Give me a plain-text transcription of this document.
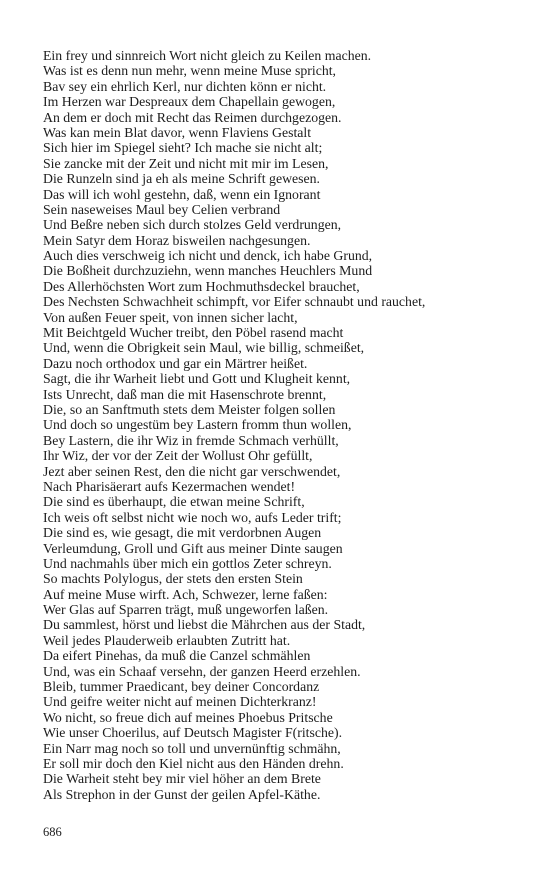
Ein frey und sinnreich Wort nicht gleich zu Keilen machen.
Was ist es denn nun mehr, wenn meine Muse spricht,
Bav sey ein ehrlich Kerl, nur dichten könn er nicht.
Im Herzen war Despreaux dem Chapellain gewogen,
An dem er doch mit Recht das Reimen durchgezogen.
Was kan mein Blat davor, wenn Flaviens Gestalt
Sich hier im Spiegel sieht? Ich mache sie nicht alt;
Sie zancke mit der Zeit und nicht mit mir im Lesen,
Die Runzeln sind ja eh als meine Schrift gewesen.
Das will ich wohl gestehn, daß, wenn ein Ignorant
Sein naseweises Maul bey Celien verbrand
Und Beßre neben sich durch stolzes Geld verdrungen,
Mein Satyr dem Horaz bisweilen nachgesungen.
Auch dies verschweig ich nicht und denck, ich habe Grund,
Die Boßheit durchzuziehn, wenn manches Heuchlers Mund
Des Allerhöchsten Wort zum Hochmuthsdeckel brauchet,
Des Nechsten Schwachheit schimpft, vor Eifer schnaubt und rauchet,
Von außen Feuer speit, von innen sicher lacht,
Mit Beichtgeld Wucher treibt, den Pöbel rasend macht
Und, wenn die Obrigkeit sein Maul, wie billig, schmeißet,
Dazu noch orthodox und gar ein Märtrer heißet.
Sagt, die ihr Warheit liebt und Gott und Klugheit kennt,
Ists Unrecht, daß man die mit Hasenschrote brennt,
Die, so an Sanftmuth stets dem Meister folgen sollen
Und doch so ungestüm bey Lastern fromm thun wollen,
Bey Lastern, die ihr Wiz in fremde Schmach verhüllt,
Ihr Wiz, der vor der Zeit der Wollust Ohr gefüllt,
Jezt aber seinen Rest, den die nicht gar verschwendet,
Nach Pharisäerart aufs Kezermachen wendet!
Die sind es überhaupt, die etwan meine Schrift,
Ich weis oft selbst nicht wie noch wo, aufs Leder trift;
Die sind es, wie gesagt, die mit verdorbnen Augen
Verleumdung, Groll und Gift aus meiner Dinte saugen
Und nachmahls über mich ein gottlos Zeter schreyn.
So machts Polylogus, der stets den ersten Stein
Auf meine Muse wirft. Ach, Schwezer, lerne faßen:
Wer Glas auf Sparren trägt, muß ungeworfen laßen.
Du sammlest, hörst und liebst die Mährchen aus der Stadt,
Weil jedes Plauderweib erlaubten Zutritt hat.
Da eifert Pinehas, da muß die Canzel schmählen
Und, was ein Schaaf versehn, der ganzen Heerd erzehlen.
Bleib, tummer Praedicant, bey deiner Concordanz
Und geifre weiter nicht auf meinen Dichterkranz!
Wo nicht, so freue dich auf meines Phoebus Pritsche
Wie unser Choerilus, auf Deutsch Magister F(ritsche).
Ein Narr mag noch so toll und unvernünftig schmähn,
Er soll mir doch den Kiel nicht aus den Händen drehn.
Die Warheit steht bey mir viel höher an dem Brete
Als Strephon in der Gunst der geilen Apfel-Käthe.
686
